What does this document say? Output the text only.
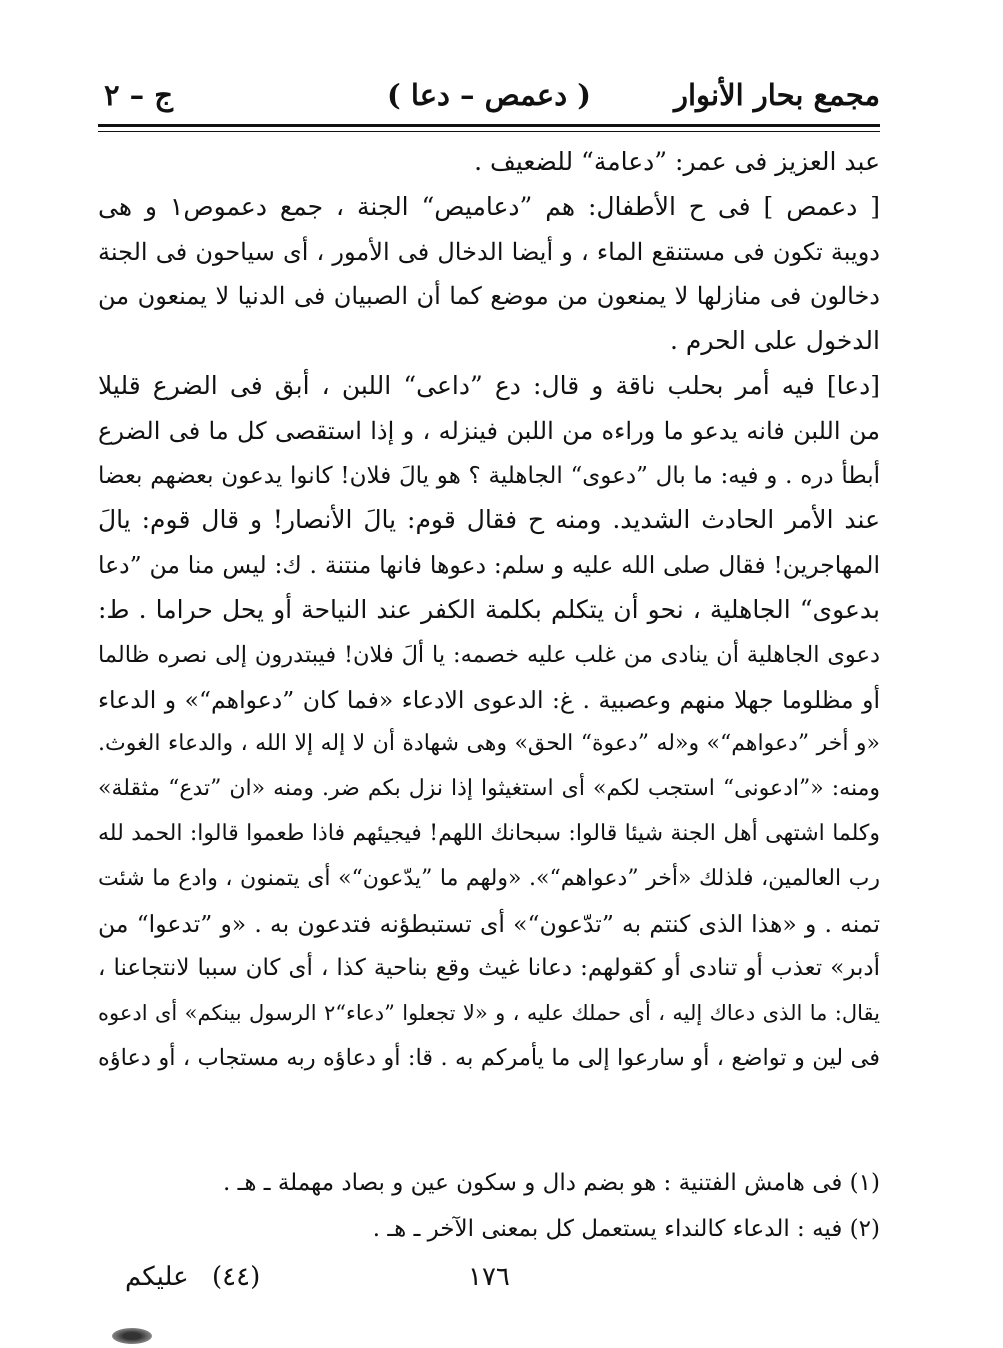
مجمع بحار الأنوار
( دعمص – دعا )
ج – ٢
عبد العزيز فى عمر: ”دعامة“ للضعيف .
[ دعمص ] فى ح الأطفال: هم ”دعاميص“ الجنة ، جمع دعموص١ و هى
دويبة تكون فى مستنقع الماء ، و أيضا الدخال فى الأمور ، أى سياحون فى الجنة
دخالون فى منازلها لا يمنعون من موضع كما أن الصبيان فى الدنيا لا يمنعون من
الدخول على الحرم .
[دعا] فيه أمر بحلب ناقة و قال: دع ”داعى“ اللبن ، أبق فى الضرع قليلا
من اللبن فانه يدعو ما وراءه من اللبن فينزله ، و إذا استقصى كل ما فى الضرع
أبطأ دره . و فيه: ما بال ”دعوى“ الجاهلية ؟ هو يالَ فلان! كانوا يدعون بعضهم بعضا
عند الأمر الحادث الشديد. ومنه ح فقال قوم: يالَ الأنصار! و قال قوم: يالَ
المهاجرين! فقال صلى الله عليه و سلم: دعوها فانها منتنة . ك: ليس منا من ”دعا
بدعوى“ الجاهلية ، نحو أن يتكلم بكلمة الكفر عند النياحة أو يحل حراما . ط:
دعوى الجاهلية أن ينادى من غلب عليه خصمه: يا ألَ فلان! فيبتدرون إلى نصره ظالما
أو مظلوما جهلا منهم وعصبية . غ: الدعوى الادعاء «فما كان ”دعواهم“» و الدعاء
«و أخر ”دعواهم“» و«له ”دعوة“ الحق» وهى شهادة أن لا إله إلا الله ، والدعاء الغوث.
ومنه: «”ادعونى“ استجب لكم» أى استغيثوا إذا نزل بكم ضر. ومنه «ان ”تدع“ مثقلة»
وكلما اشتهى أهل الجنة شيئا قالوا: سبحانك اللهم! فيجيئهم فاذا طعموا قالوا: الحمد لله
رب العالمين، فلذلك «أخر ”دعواهم“». «ولهم ما ”يدّعون“» أى يتمنون ، وادع ما شئت
تمنه . و «هذا الذى كنتم به ”تدّعون“» أى تستبطؤنه فتدعون به . «و ”تدعوا“ من
أدبر» تعذب أو تنادى أو كقولهم: دعانا غيث وقع بناحية كذا ، أى كان سببا لانتجاعنا ،
يقال: ما الذى دعاك إليه ، أى حملك عليه ، و «لا تجعلوا ”دعاء“٢ الرسول بينكم» أى ادعوه
فى لين و تواضع ، أو سارعوا إلى ما يأمركم به . قا: أو دعاؤه ربه مستجاب ، أو دعاؤه
(١) فى هامش الفتنية : هو بضم دال و سكون عين و بصاد مهملة ـ هـ .
(٢) فيه : الدعاء كالنداء يستعمل كل بمعنى الآخر ـ هـ .
١٧٦
(٤٤)
عليكم
